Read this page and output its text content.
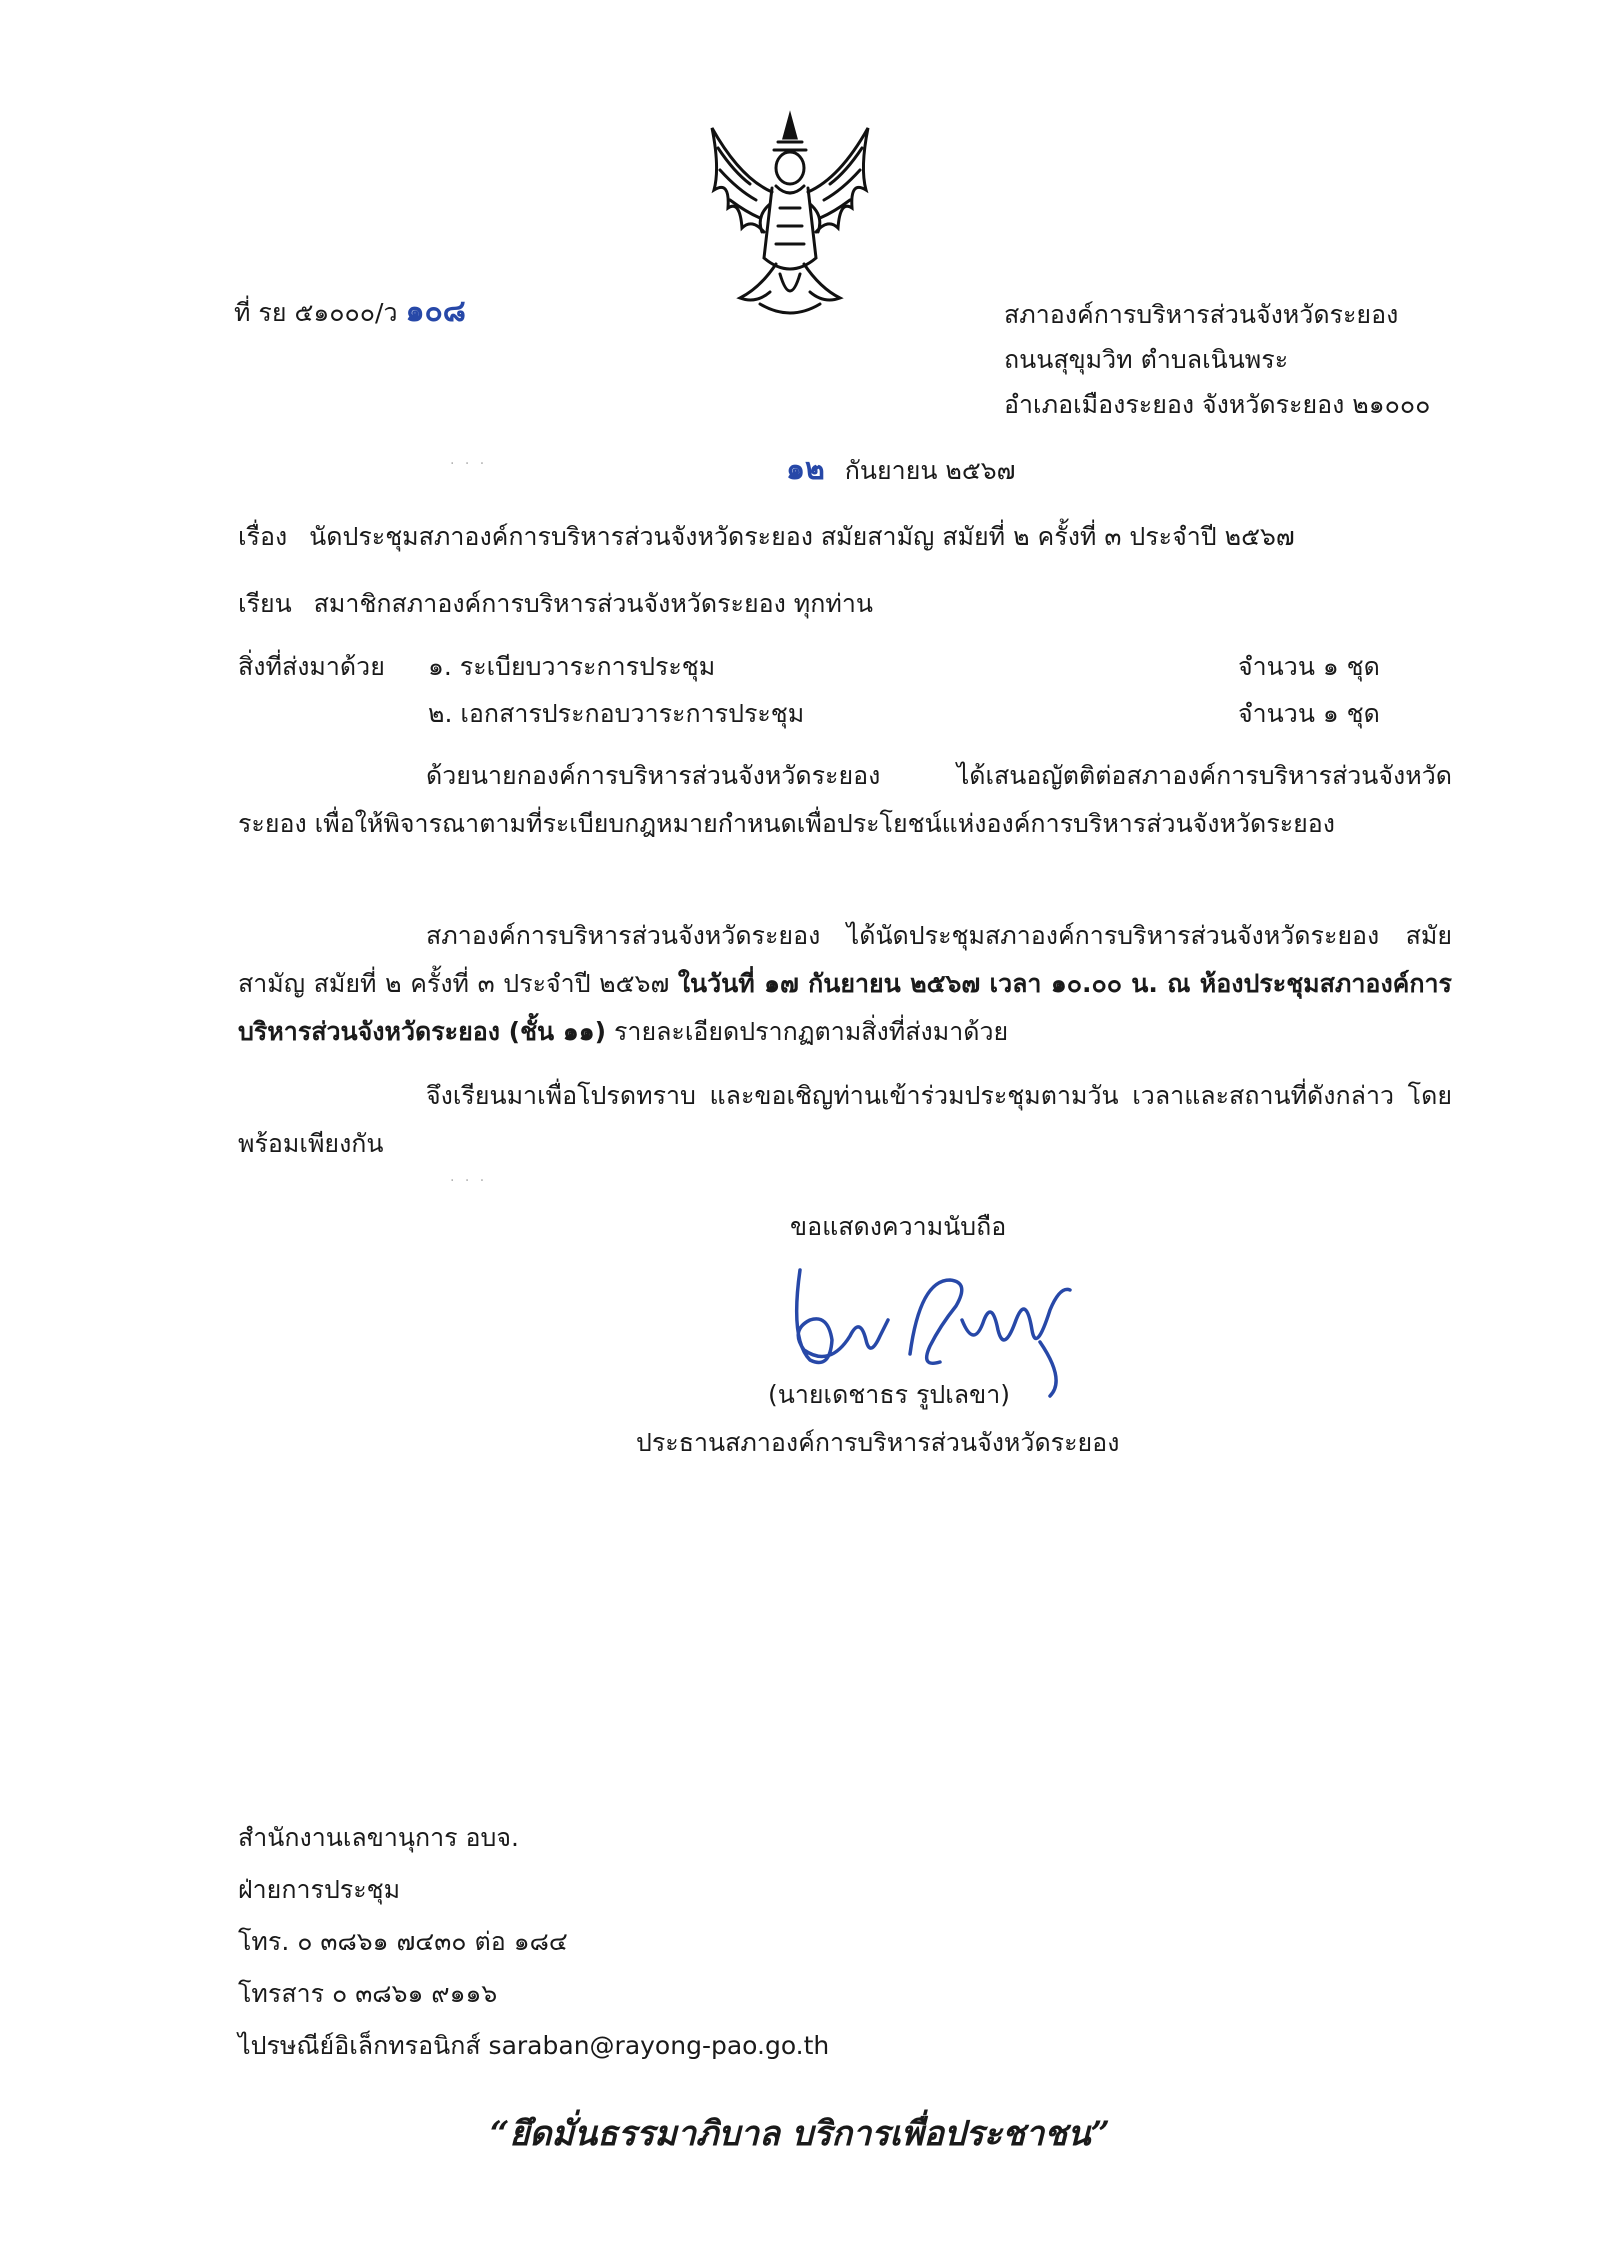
ที่ รย ๕๑๐๐๐/ว ๑๐๘	สภาองค์การบริหารส่วนจังหวัดระยอง
ถนนสุขุมวิท ตำบลเนินพระ
อำเภอเมืองระยอง จังหวัดระยอง ๒๑๐๐๐
· · ·	๑๒ กันยายน ๒๕๖๗
เรื่อง นัดประชุมสภาองค์การบริหารส่วนจังหวัดระยอง สมัยสามัญ สมัยที่ ๒ ครั้งที่ ๓ ประจำปี ๒๕๖๗
เรียน สมาชิกสภาองค์การบริหารส่วนจังหวัดระยอง ทุกท่าน
สิ่งที่ส่งมาด้วย ๑. ระเบียบวาระการประชุม	จำนวน ๑ ชุด
๒. เอกสารประกอบวาระการประชุม	จำนวน ๑ ชุด
ด้วยนายกองค์การบริหารส่วนจังหวัดระยอง ได้เสนอญัตติต่อสภาองค์การบริหารส่วนจังหวัดระยอง เพื่อให้พิจารณาตามที่ระเบียบกฎหมายกำหนดเพื่อประโยชน์แห่งองค์การบริหารส่วนจังหวัดระยอง
สภาองค์การบริหารส่วนจังหวัดระยอง ได้นัดประชุมสภาองค์การบริหารส่วนจังหวัดระยอง สมัยสามัญ สมัยที่ ๒ ครั้งที่ ๓ ประจำปี ๒๕๖๗ ในวันที่ ๑๗ กันยายน ๒๕๖๗ เวลา ๑๐.๐๐ น. ณ ห้องประชุมสภาองค์การบริหารส่วนจังหวัดระยอง (ชั้น ๑๑) รายละเอียดปรากฏตามสิ่งที่ส่งมาด้วย
จึงเรียนมาเพื่อโปรดทราบ และขอเชิญท่านเข้าร่วมประชุมตามวัน เวลาและสถานที่ดังกล่าว โดยพร้อมเพียงกัน
· · ·
ขอแสดงความนับถือ
(นายเดชาธร รูปเลขา)
ประธานสภาองค์การบริหารส่วนจังหวัดระยอง
สำนักงานเลขานุการ อบจ.
ฝ่ายการประชุม
โทร. ๐ ๓๘๖๑ ๗๔๓๐ ต่อ ๑๘๔
โทรสาร ๐ ๓๘๖๑ ๙๑๑๖
ไปรษณีย์อิเล็กทรอนิกส์ saraban@rayong-pao.go.th
“ยึดมั่นธรรมาภิบาล บริการเพื่อประชาชน”
